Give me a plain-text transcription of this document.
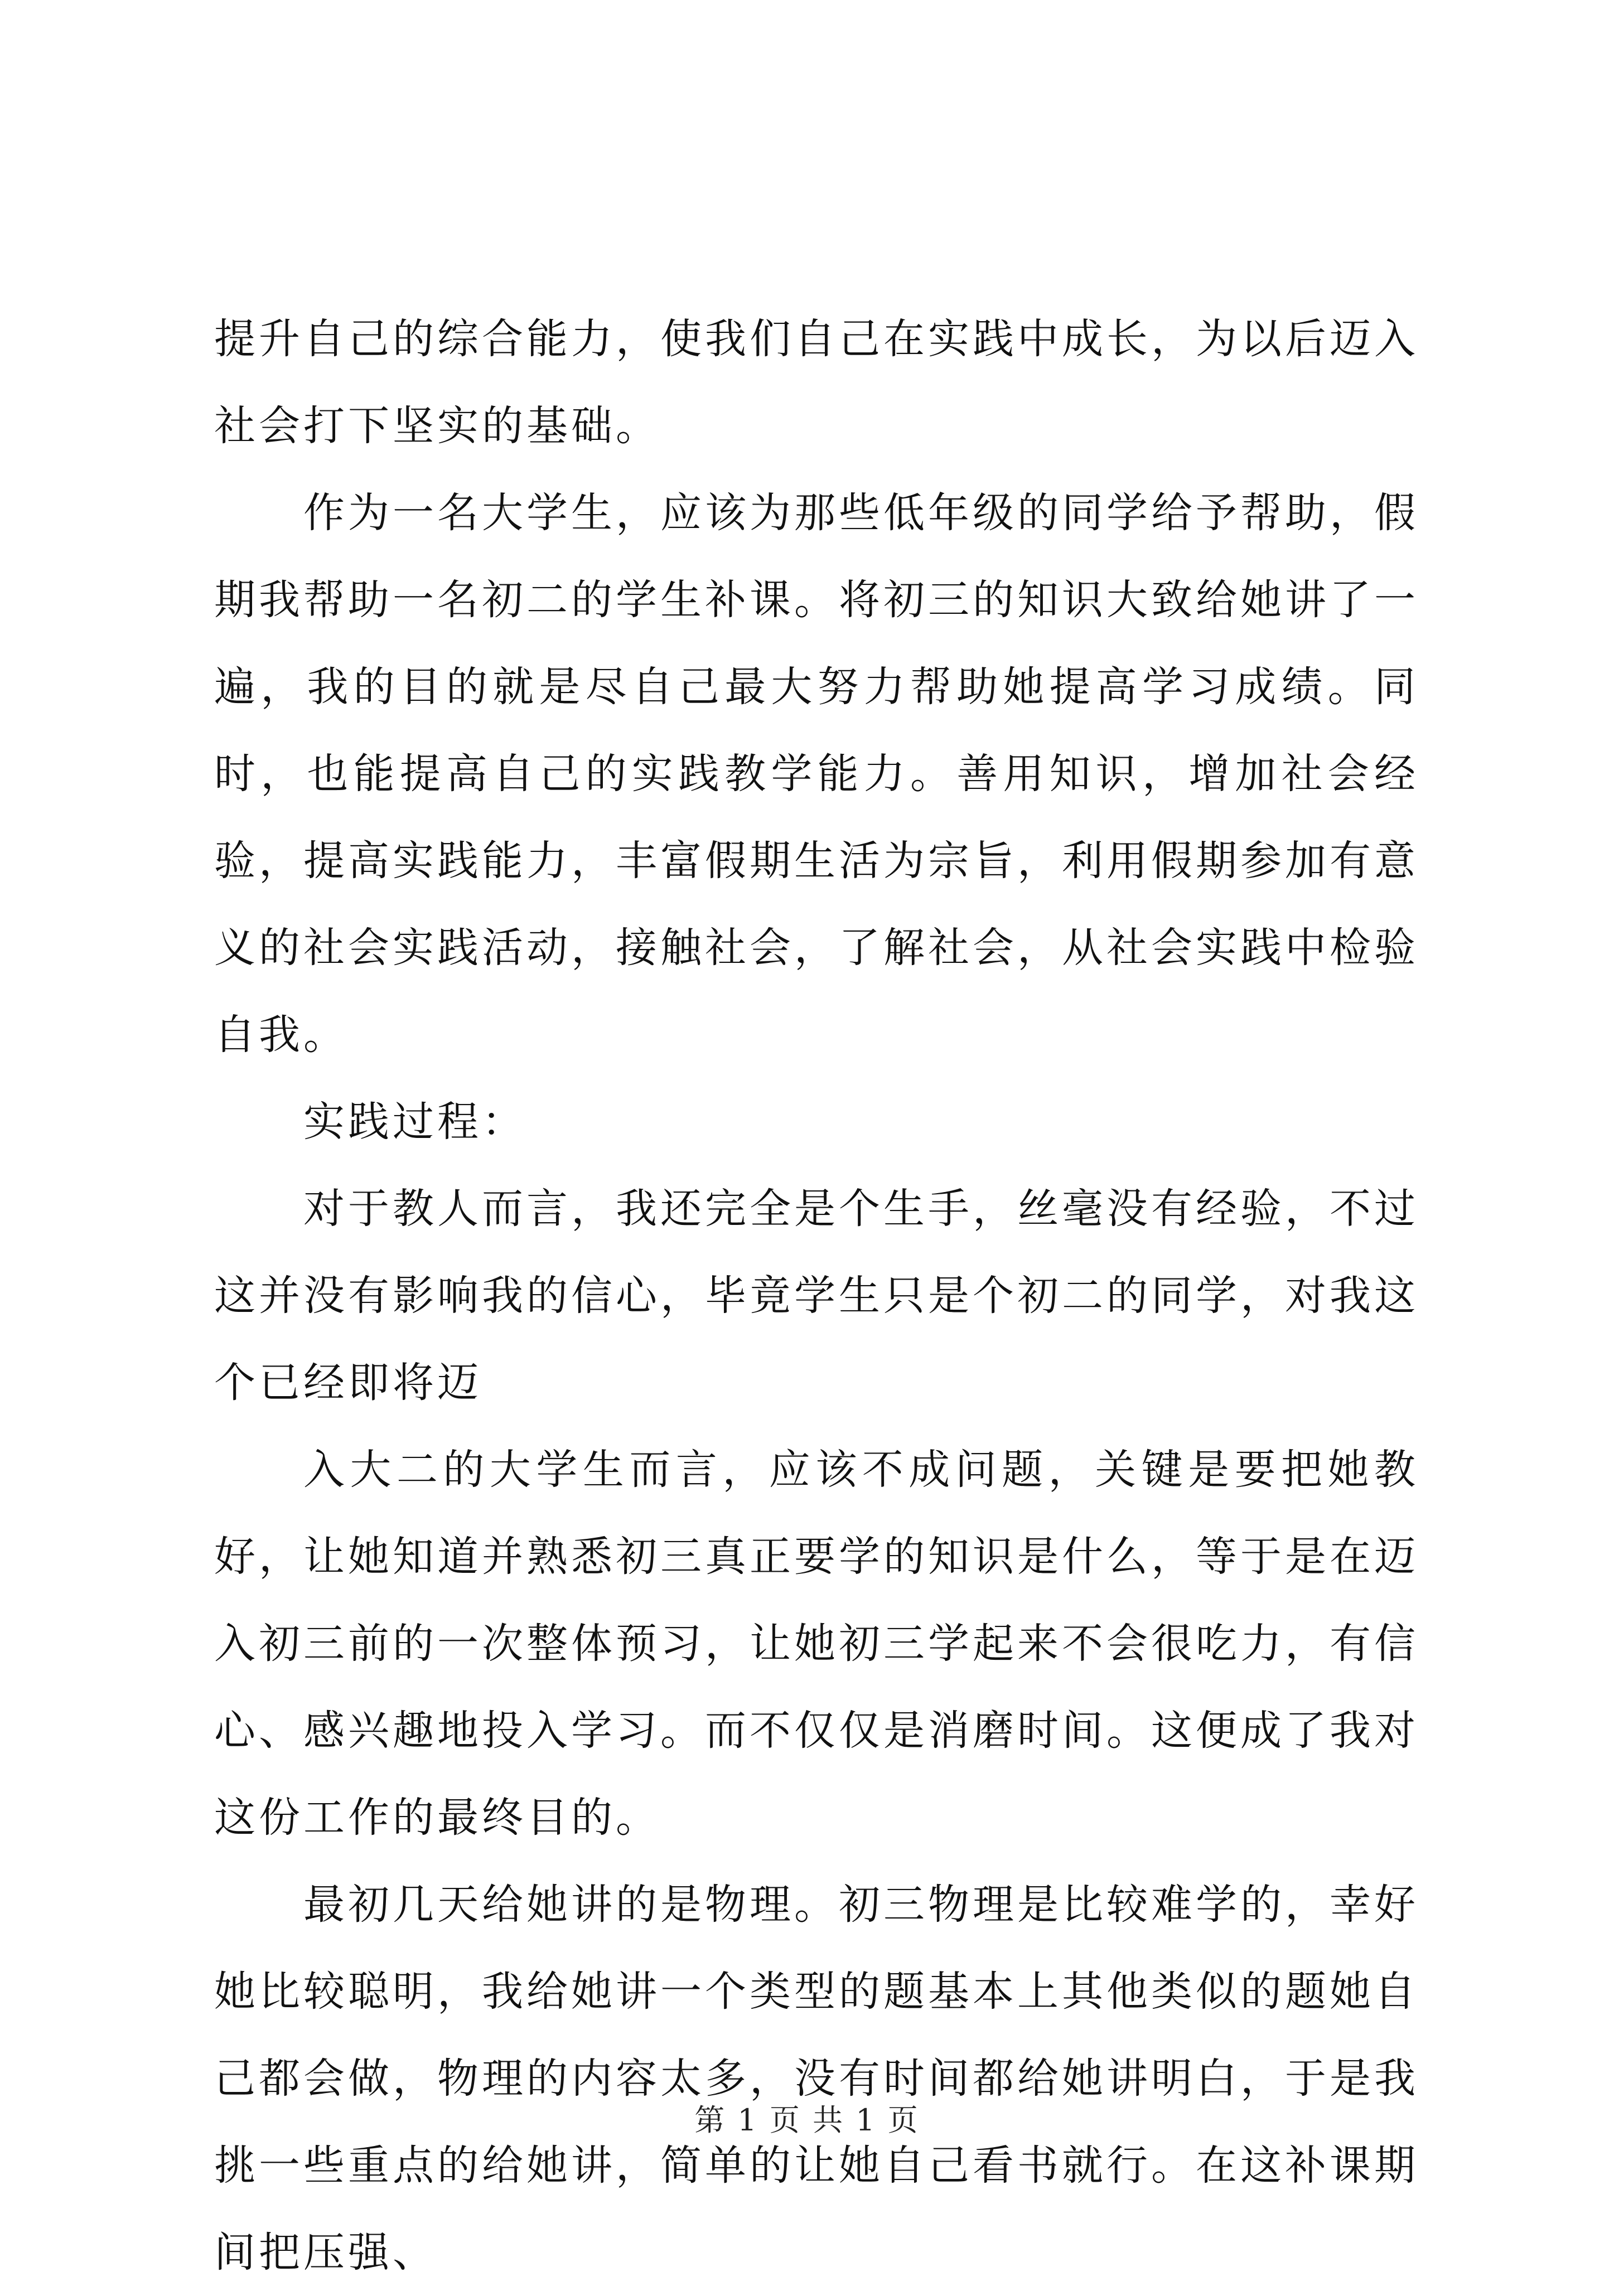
提升自己的综合能力，使我们自己在实践中成长，为以后迈入社会打下坚实的基础。

作为一名大学生，应该为那些低年级的同学给予帮助，假期我帮助一名初二的学生补课。将初三的知识大致给她讲了一遍，我的目的就是尽自己最大努力帮助她提高学习成绩。同时，也能提高自己的实践教学能力。善用知识，增加社会经验，提高实践能力，丰富假期生活为宗旨，利用假期参加有意义的社会实践活动，接触社会，了解社会，从社会实践中检验自我。

实践过程：

对于教人而言，我还完全是个生手，丝毫没有经验，不过这并没有影响我的信心，毕竟学生只是个初二的同学，对我这个已经即将迈

入大二的大学生而言，应该不成问题，关键是要把她教好，让她知道并熟悉初三真正要学的知识是什么，等于是在迈入初三前的一次整体预习，让她初三学起来不会很吃力，有信心、感兴趣地投入学习。而不仅仅是消磨时间。这便成了我对这份工作的最终目的。

最初几天给她讲的是物理。初三物理是比较难学的，幸好她比较聪明，我给她讲一个类型的题基本上其他类似的题她自己都会做，物理的内容太多，没有时间都给她讲明白，于是我挑一些重点的给她讲，简单的让她自己看书就行。在这补课期间把压强、

第 1 页 共 1 页
